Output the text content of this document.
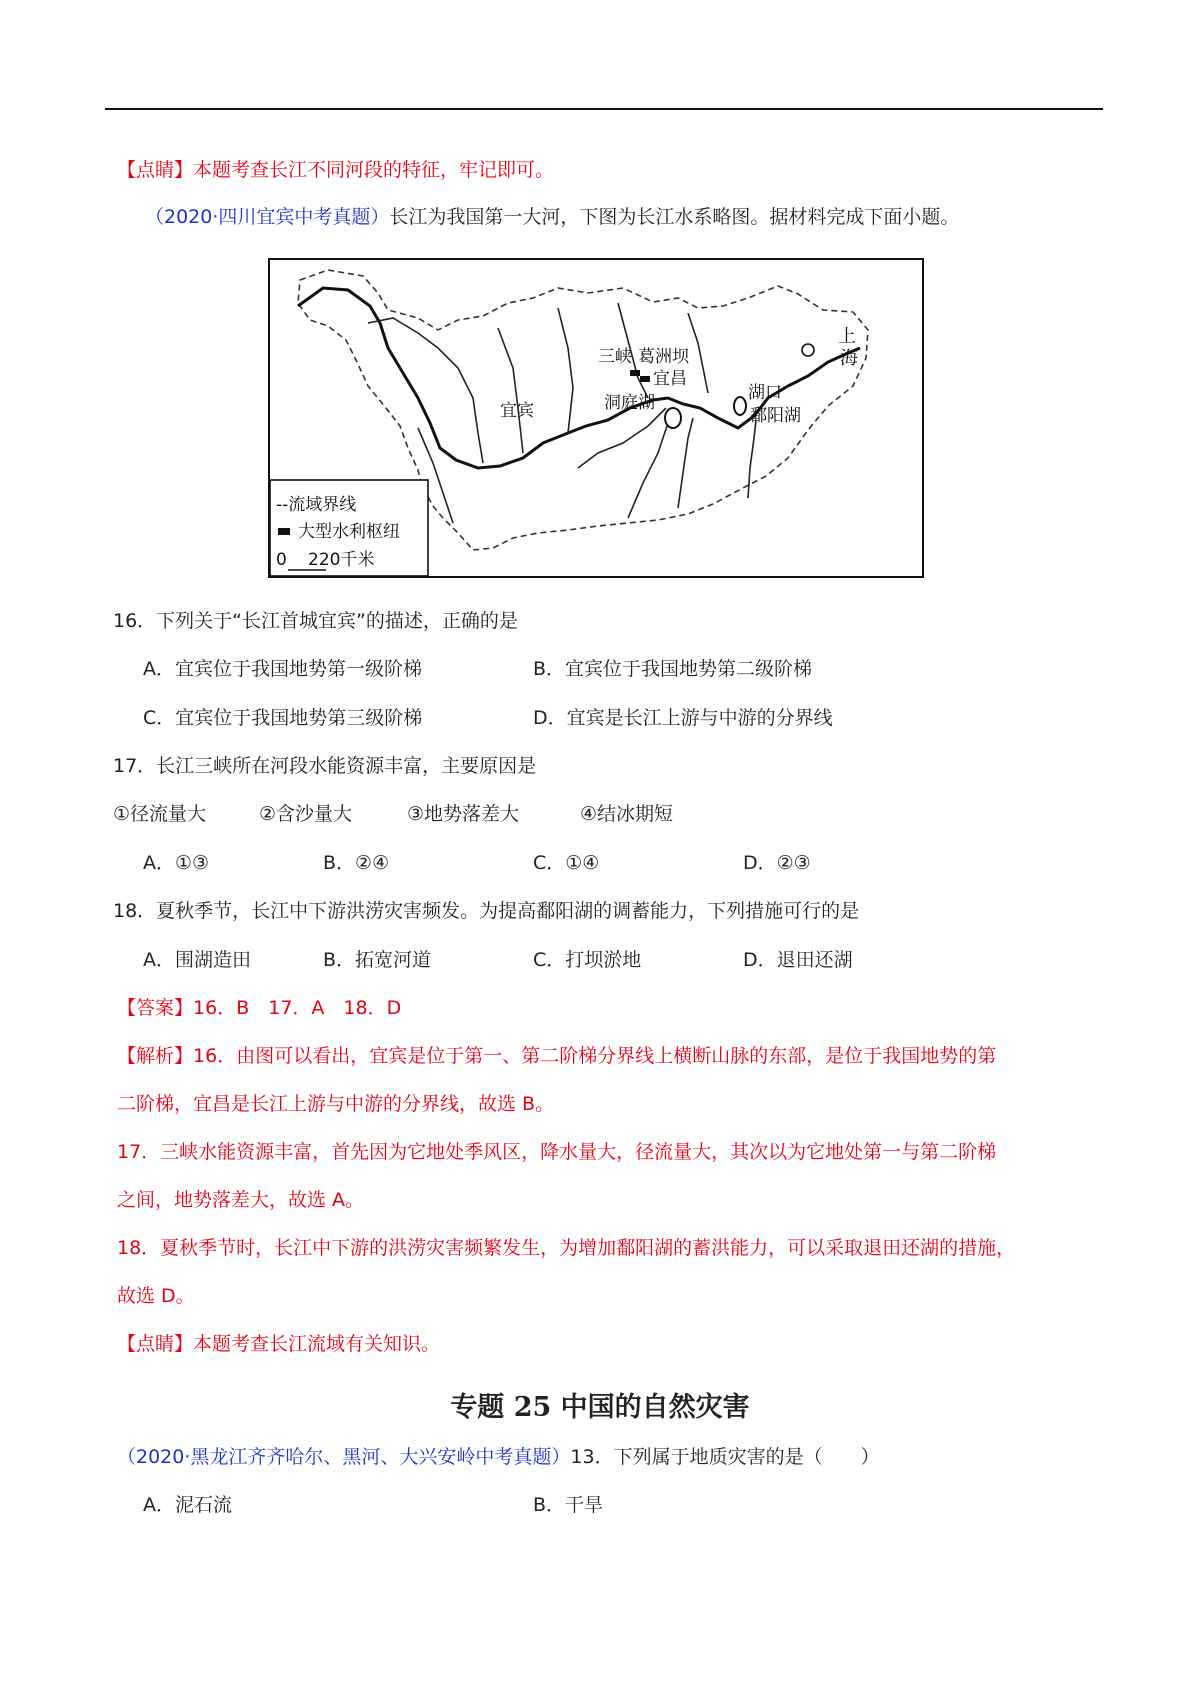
【点睛】本题考查长江不同河段的特征，牢记即可。
（2020·四川宜宾中考真题）长江为我国第一大河，下图为长江水系略图。据材料完成下面小题。
上
海
三峡 葛洲坝
宜昌
宜宾	洞庭湖	湖口
鄱阳湖
--流域界线
大型水利枢纽
0 220千米
16．下列关于“长江首城宜宾”的描述，正确的是
A．宜宾位于我国地势第一级阶梯	B．宜宾位于我国地势第二级阶梯
C．宜宾位于我国地势第三级阶梯	D．宜宾是长江上游与中游的分界线
17．长江三峡所在河段水能资源丰富，主要原因是
①径流量大	②含沙量大	③地势落差大	④结冰期短
A．①③	B．②④	C．①④	D．②③
18．夏秋季节，长江中下游洪涝灾害频发。为提高鄱阳湖的调蓄能力，下列措施可行的是
A．围湖造田	B．拓宽河道	C．打坝淤地	D．退田还湖
【答案】16．B　17．A　18．D
【解析】16．由图可以看出，宜宾是位于第一、第二阶梯分界线上横断山脉的东部，是位于我国地势的第
二阶梯，宜昌是长江上游与中游的分界线，故选 B。
17．三峡水能资源丰富，首先因为它地处季风区，降水量大，径流量大，其次以为它地处第一与第二阶梯
之间，地势落差大，故选 A。
18．夏秋季节时，长江中下游的洪涝灾害频繁发生，为增加鄱阳湖的蓄洪能力，可以采取退田还湖的措施，
故选 D。
【点睛】本题考查长江流域有关知识。
专题 25 中国的自然灾害
（2020·黑龙江齐齐哈尔、黑河、大兴安岭中考真题）13．下列属于地质灾害的是（　　）
A．泥石流	B．干旱
